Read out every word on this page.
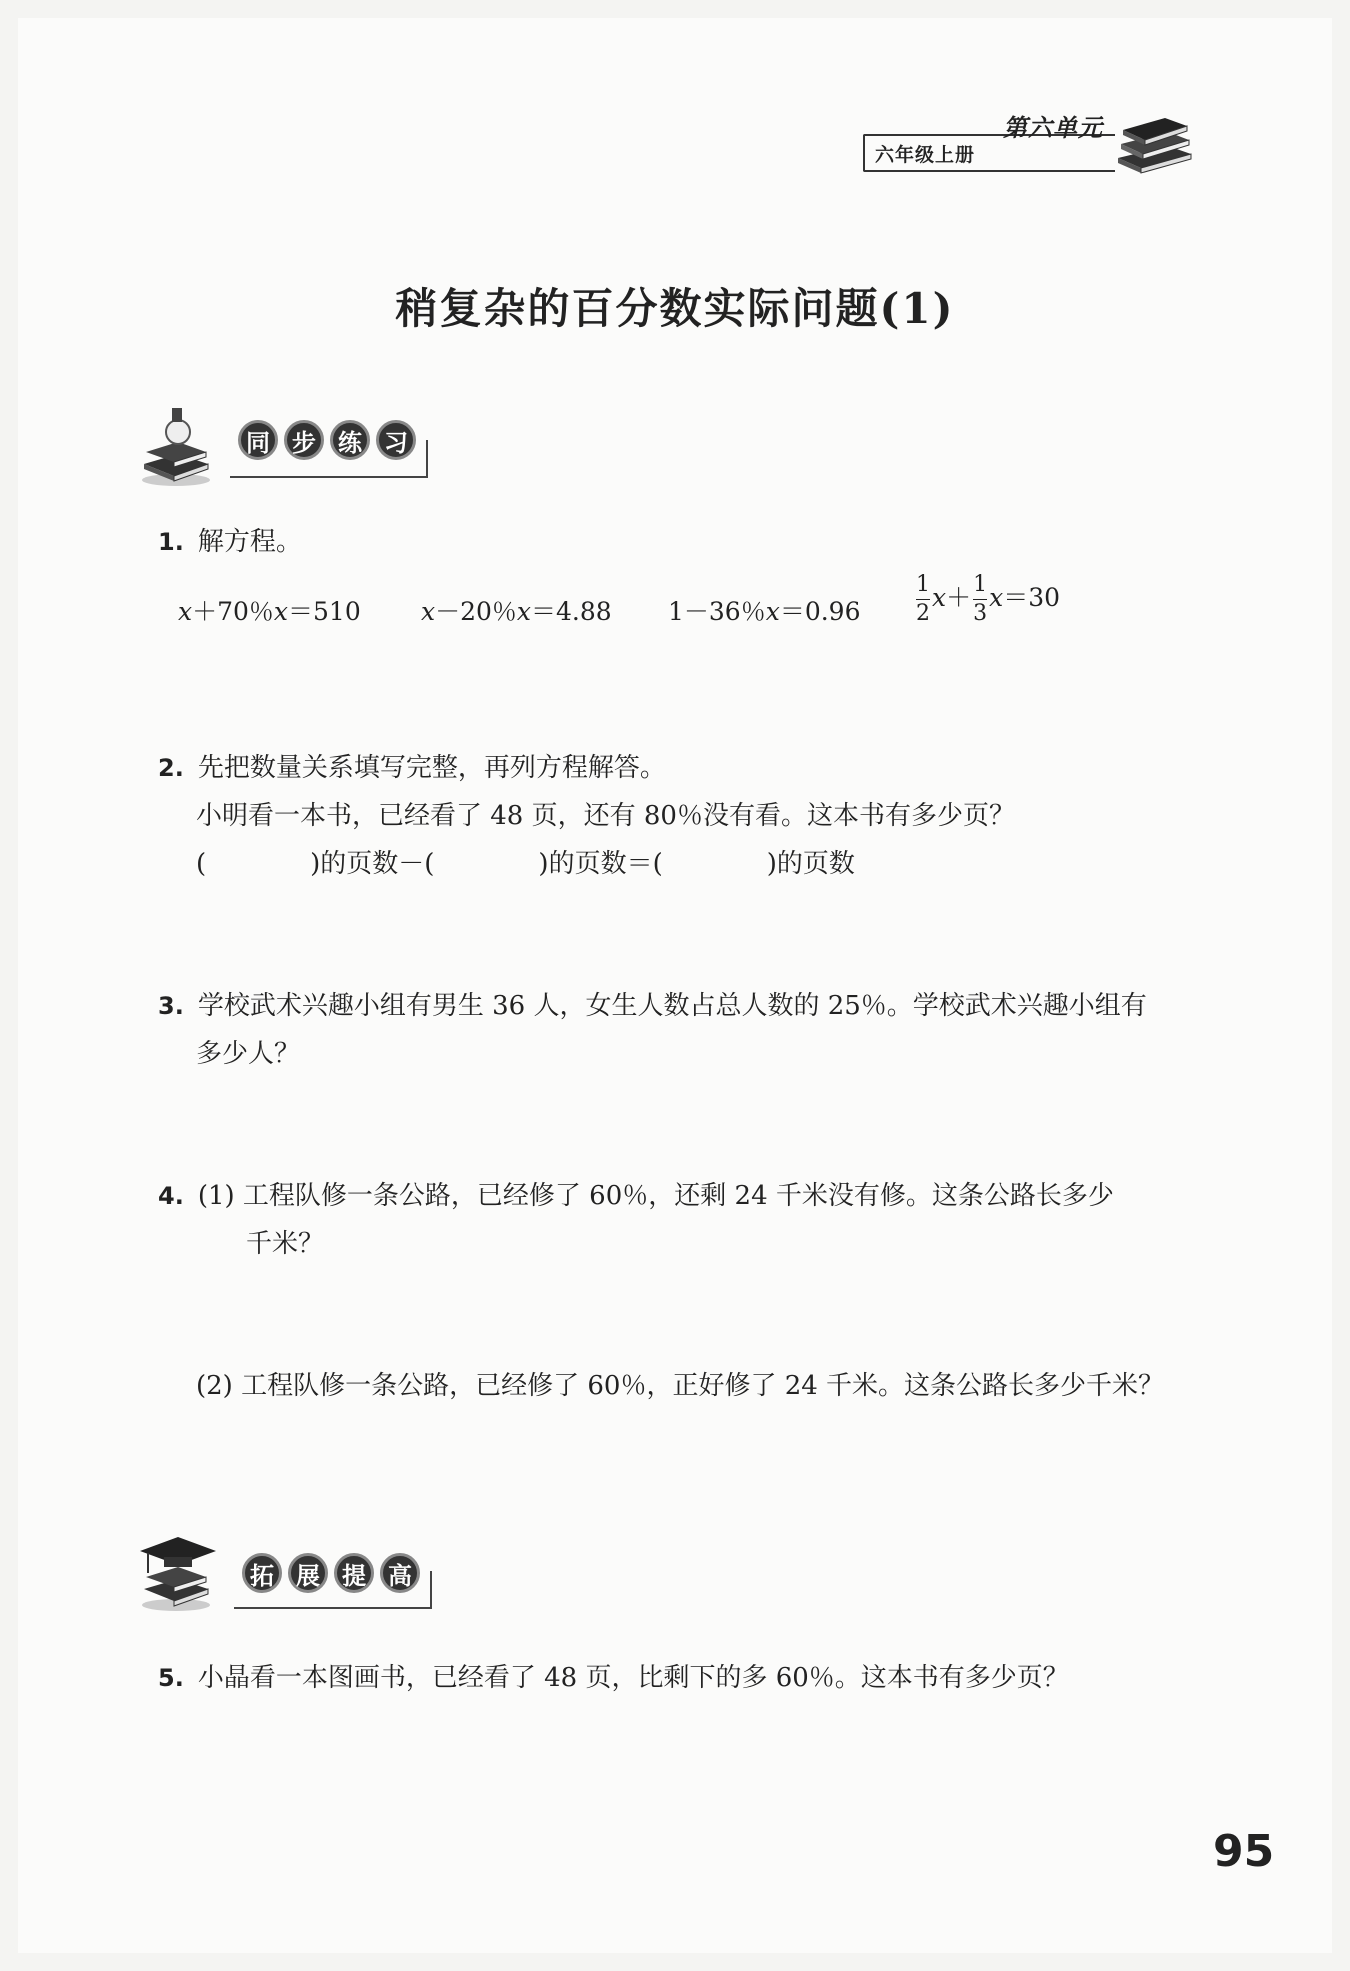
六年级上册
第六单元
稍复杂的百分数实际问题(1)
同 步 练 习
1. 解方程。
x＋70％x＝510 x－20％x＝4.88 1－36％x＝0.96	$\frac{1}{2} x+ \frac{1}{3} x=30$
2. 先把数量关系填写完整，再列方程解答。
小明看一本书，已经看了 48 页，还有 80％没有看。这本书有多少页？
(　　　　)的页数－(　　　　)的页数＝(　　　　)的页数
3. 学校武术兴趣小组有男生 36 人，女生人数占总人数的 25％。学校武术兴趣小组有
多少人？
4. (1) 工程队修一条公路，已经修了 60％，还剩 24 千米没有修。这条公路长多少
千米？
(2) 工程队修一条公路，已经修了 60％，正好修了 24 千米。这条公路长多少千米？
拓 展 提 高
5. 小晶看一本图画书，已经看了 48 页，比剩下的多 60％。这本书有多少页？
95
